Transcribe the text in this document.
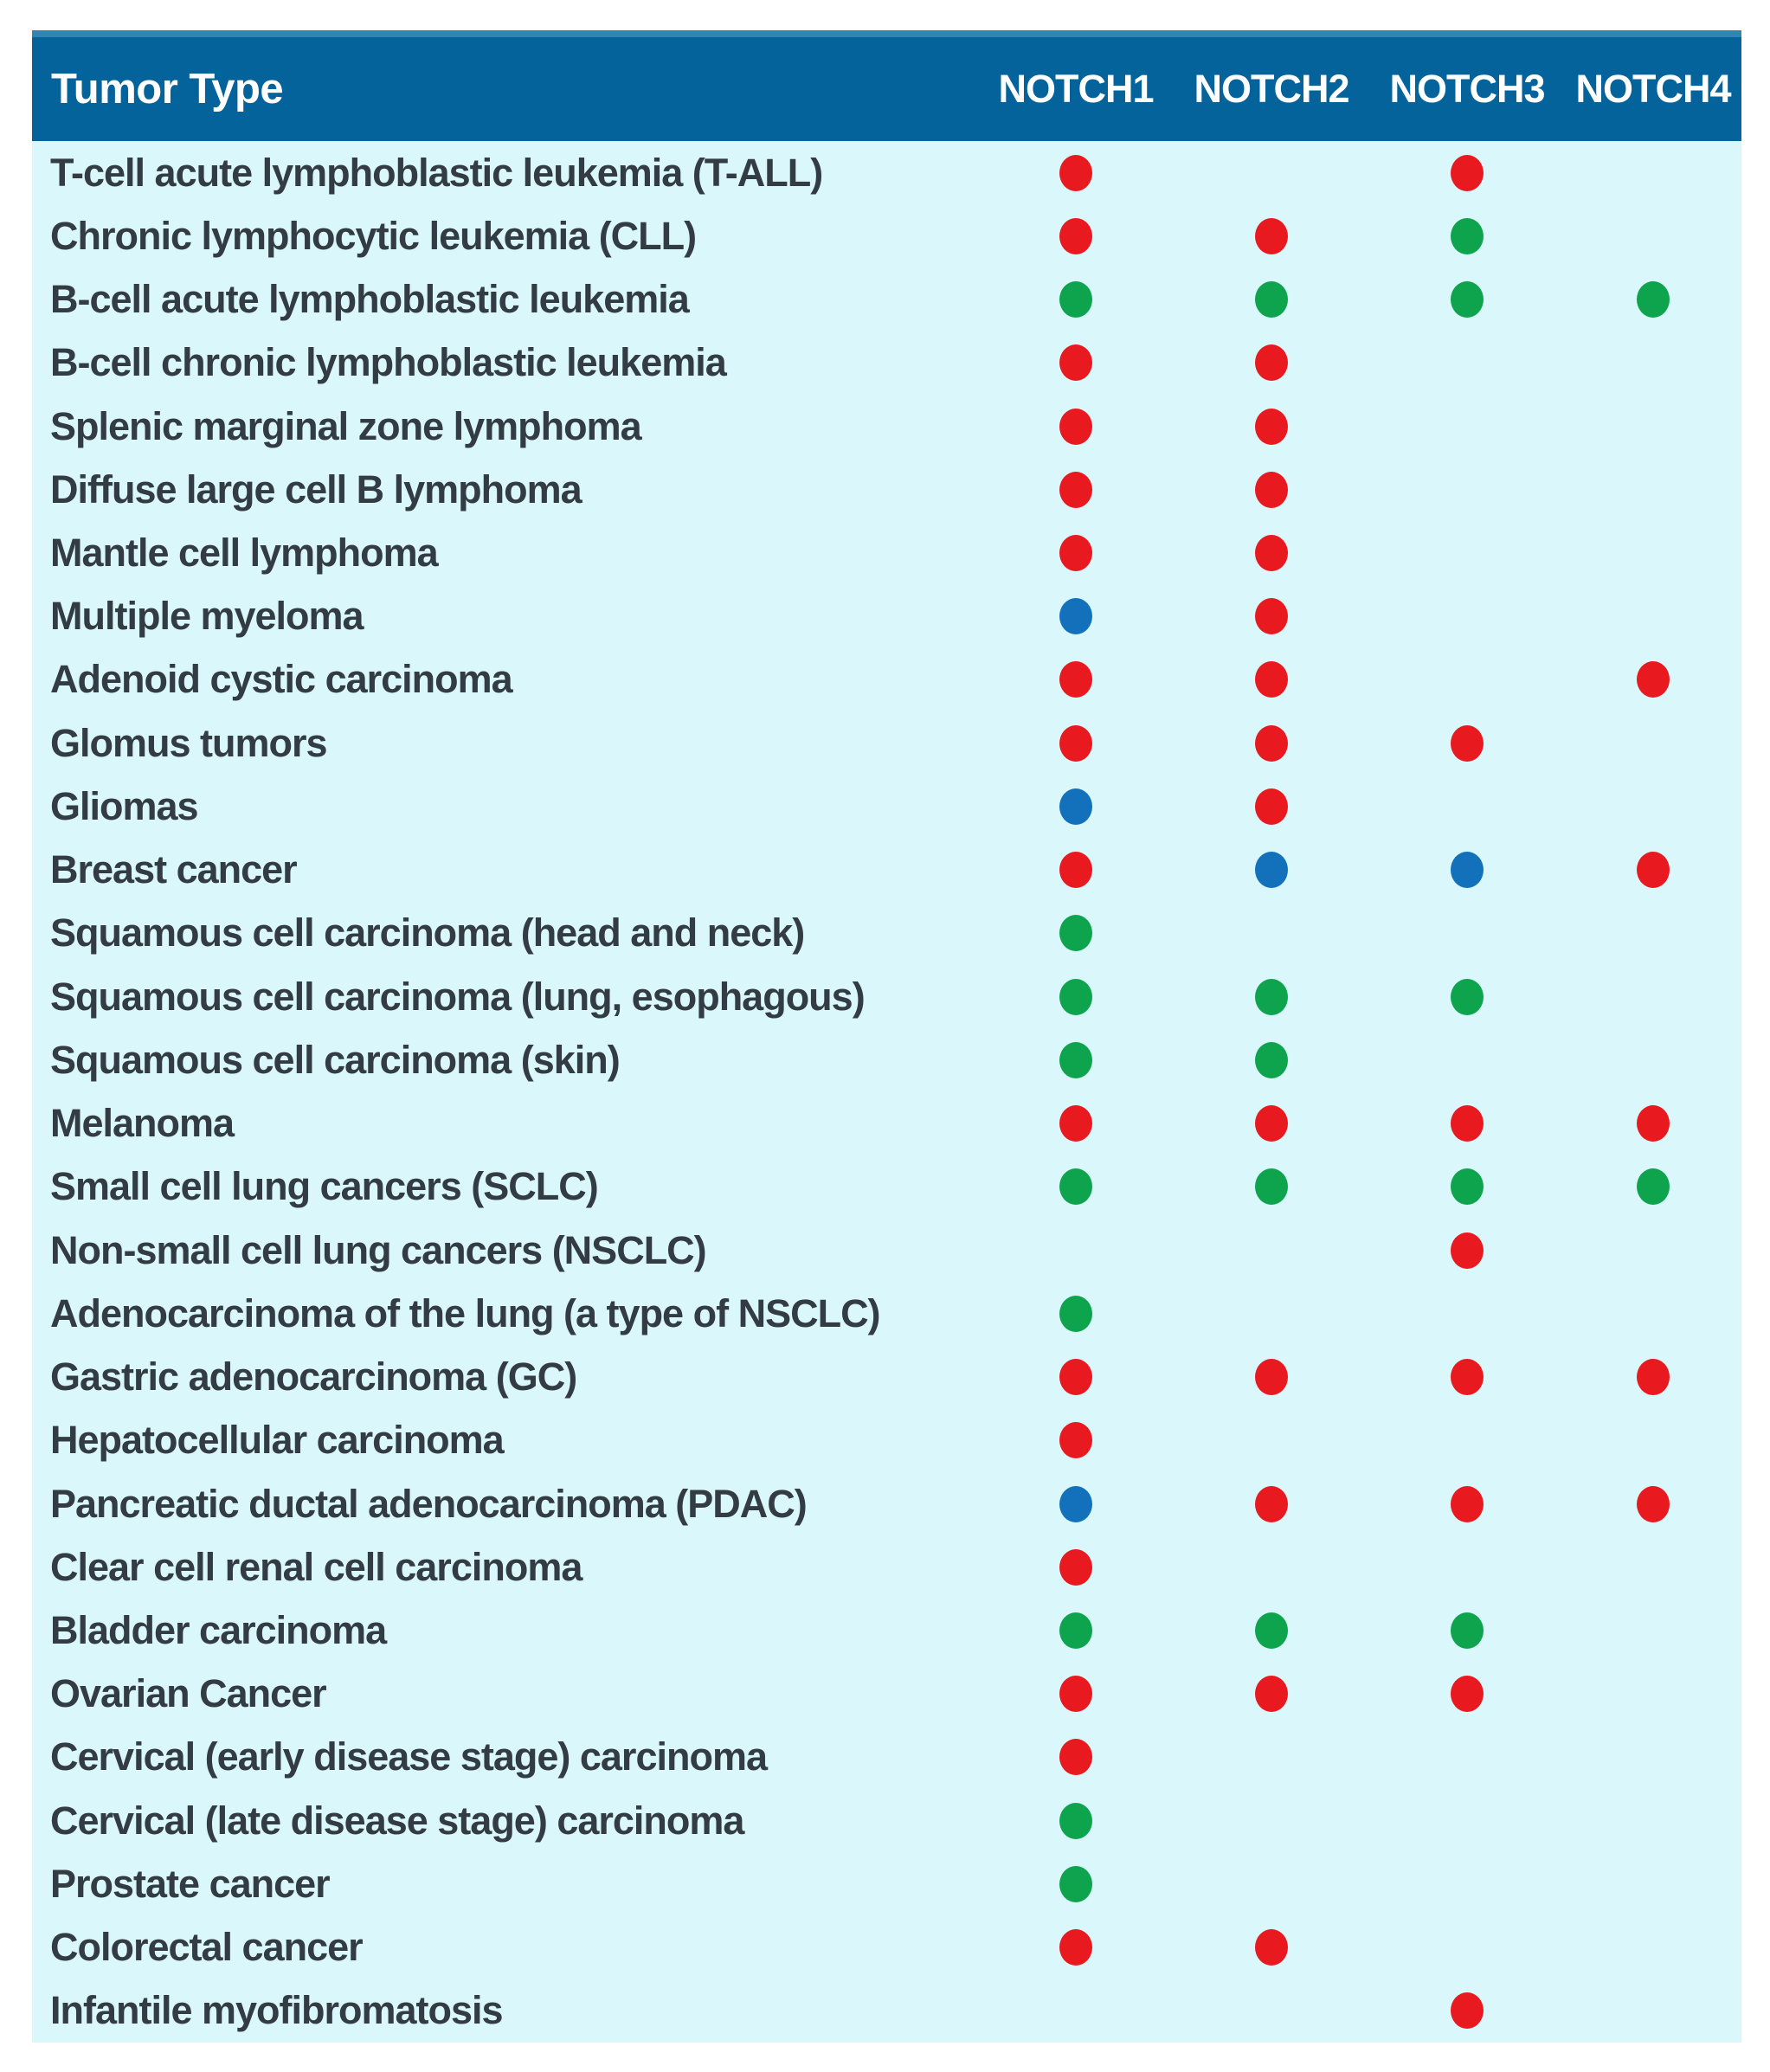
Tumor Type	NOTCH1	NOTCH2	NOTCH3 NOTCH4
T-cell acute lymphoblastic leukemia (T-ALL)
Chronic lymphocytic leukemia (CLL)
B-cell acute lymphoblastic leukemia
B-cell chronic lymphoblastic leukemia
Splenic marginal zone lymphoma
Diffuse large cell B lymphoma
Mantle cell lymphoma
Multiple myeloma
Adenoid cystic carcinoma
Glomus tumors
Gliomas
Breast cancer
Squamous cell carcinoma (head and neck)
Squamous cell carcinoma (lung, esophagous)
Squamous cell carcinoma (skin)
Melanoma
Small cell lung cancers (SCLC)
Non-small cell lung cancers (NSCLC)
Adenocarcinoma of the lung (a type of NSCLC)
Gastric adenocarcinoma (GC)
Hepatocellular carcinoma
Pancreatic ductal adenocarcinoma (PDAC)
Clear cell renal cell carcinoma
Bladder carcinoma
Ovarian Cancer
Cervical (early disease stage) carcinoma
Cervical (late disease stage) carcinoma
Prostate cancer
Colorectal cancer
Infantile myofibromatosis
